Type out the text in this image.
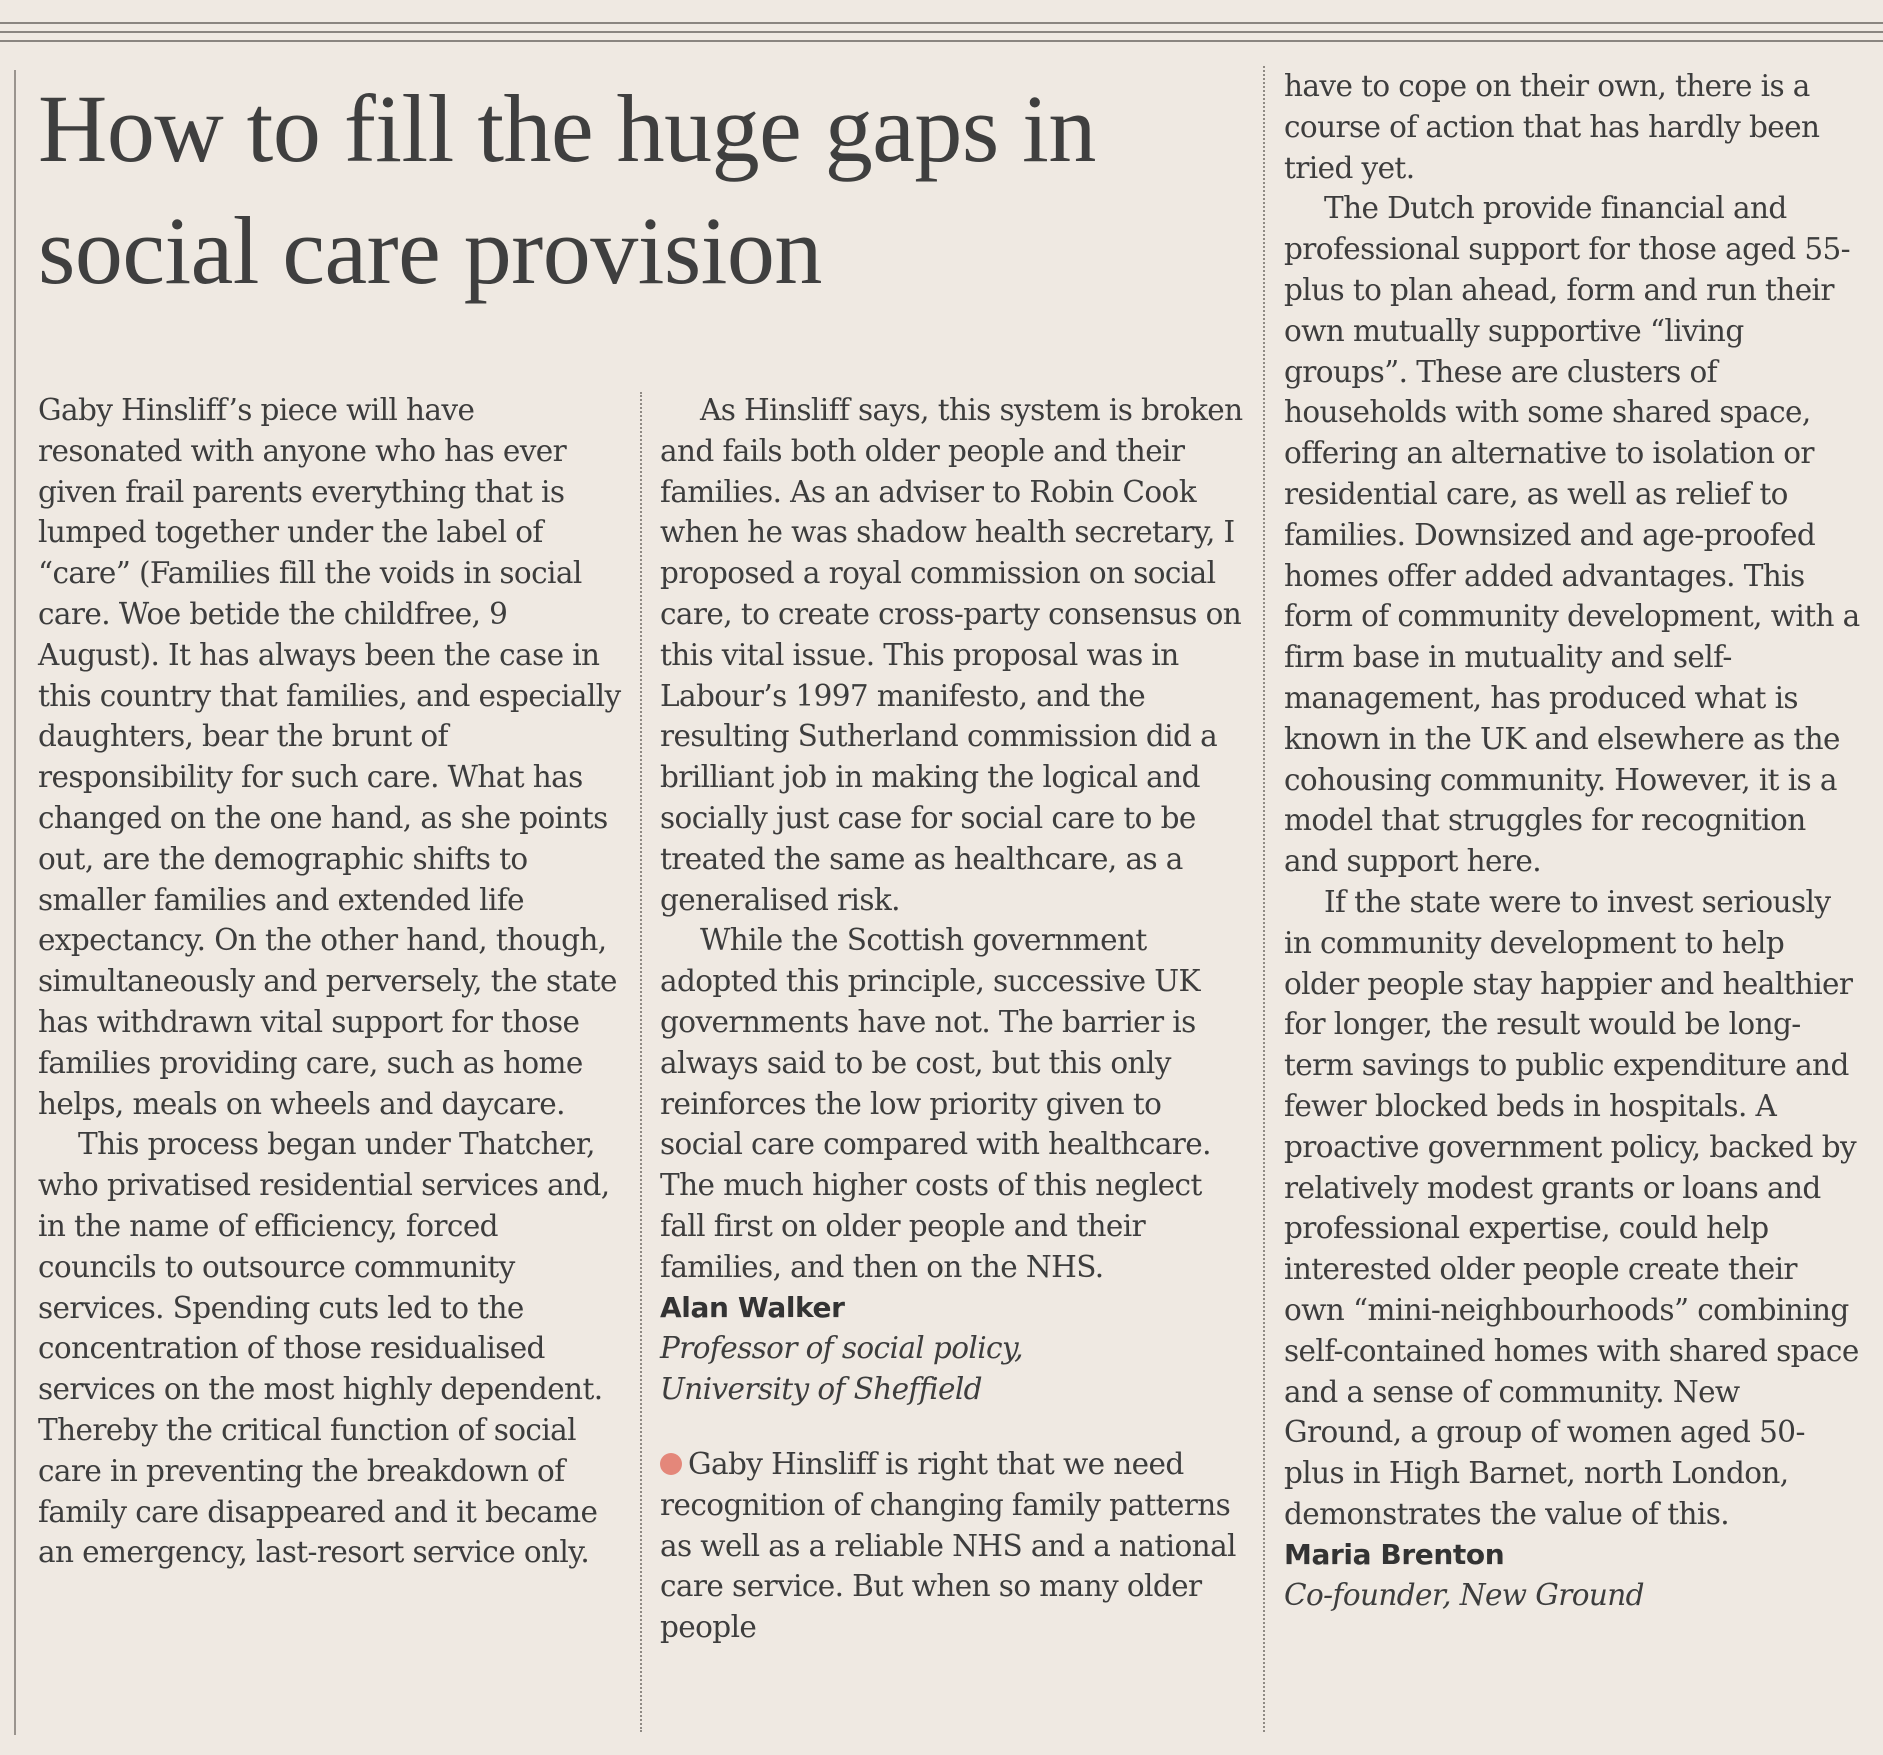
How to fill the huge gaps in social care provision

Gaby Hinsliff’s piece will have resonated with anyone who has ever given frail parents everything that is lumped together under the label of “care” (Families fill the voids in social care. Woe betide the childfree, 9 August). It has always been the case in this country that families, and especially daughters, bear the brunt of responsibility for such care. What has changed on the one hand, as she points out, are the demographic shifts to smaller families and extended life expectancy. On the other hand, though, simultaneously and perversely, the state has withdrawn vital support for those families providing care, such as home helps, meals on wheels and daycare.

This process began under Thatcher, who privatised residential services and, in the name of efficiency, forced councils to outsource community services. Spending cuts led to the concentration of those residualised services on the most highly dependent. Thereby the critical function of social care in preventing the breakdown of family care disappeared and it became an emergency, last-resort service only.

As Hinsliff says, this system is broken and fails both older people and their families. As an adviser to Robin Cook when he was shadow health secretary, I proposed a royal commission on social care, to create cross-party consensus on this vital issue. This proposal was in Labour’s 1997 manifesto, and the resulting Sutherland commission did a brilliant job in making the logical and socially just case for social care to be treated the same as healthcare, as a generalised risk.

While the Scottish government adopted this principle, successive UK governments have not. The barrier is always said to be cost, but this only reinforces the low priority given to social care compared with healthcare. The much higher costs of this neglect fall first on older people and their families, and then on the NHS.

Alan Walker
Professor of social policy,
University of Sheffield

Gaby Hinsliff is right that we need recognition of changing family patterns as well as a reliable NHS and a national care service. But when so many older people

have to cope on their own, there is a course of action that has hardly been tried yet.

The Dutch provide financial and professional support for those aged 55-plus to plan ahead, form and run their own mutually supportive “living groups”. These are clusters of households with some shared space, offering an alternative to isolation or residential care, as well as relief to families. Downsized and age-proofed homes offer added advantages. This form of community development, with a firm base in mutuality and self-management, has produced what is known in the UK and elsewhere as the cohousing community. However, it is a model that struggles for recognition and support here.

If the state were to invest seriously in community development to help older people stay happier and healthier for longer, the result would be long-term savings to public expenditure and fewer blocked beds in hospitals. A proactive government policy, backed by relatively modest grants or loans and professional expertise, could help interested older people create their own “mini-neighbourhoods” combining self-contained homes with shared space and a sense of community. New Ground, a group of women aged 50-plus in High Barnet, north London, demonstrates the value of this.

Maria Brenton
Co-founder, New Ground
